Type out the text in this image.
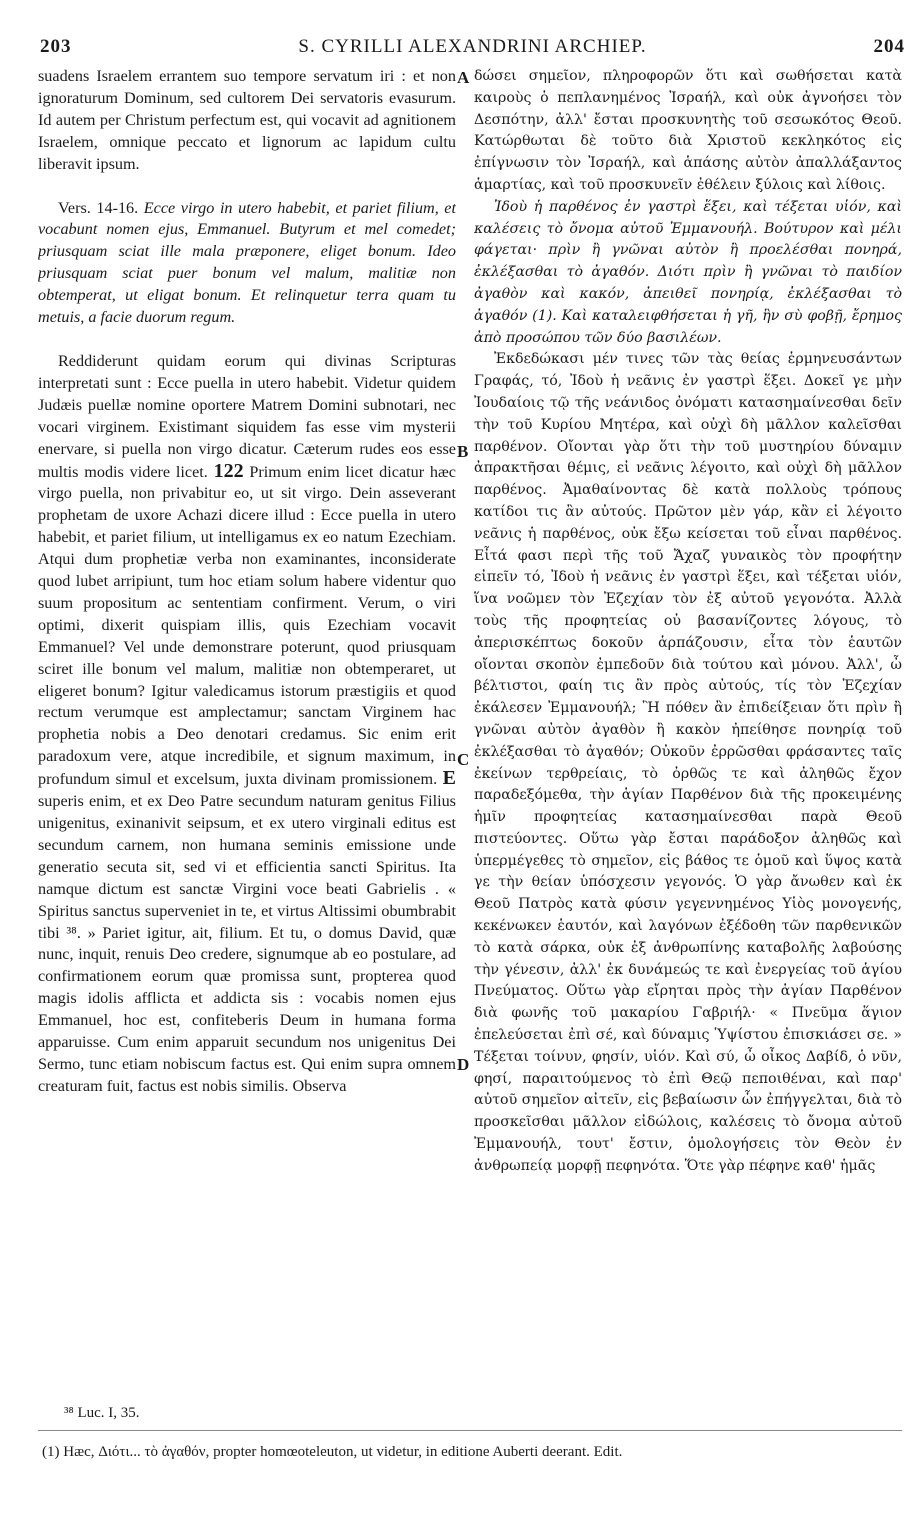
203	S. CYRILLI ALEXANDRINI ARCHIEP.	204

suadens Israelem errantem suo tempore servatum iri : et non ignoraturum Dominum, sed cultorem Dei servatoris evasurum. Id autem per Christum perfectum est, qui vocavit ad agnitionem Israelem, omnique peccato et lignorum ac lapidum cultu liberavit ipsum.

Vers. 14-16. Ecce virgo in utero habebit, et pariet filium, et vocabunt nomen ejus, Emmanuel. Butyrum et mel comedet; priusquam sciat ille mala præponere, eliget bonum. Ideo priusquam sciat puer bonum vel malum, malitiæ non obtemperat, ut eligat bonum. Et relinquetur terra quam tu metuis, a facie duorum regum.

Reddiderunt quidam eorum qui divinas Scripturas interpretati sunt : Ecce puella in utero habebit. Videtur quidem Judæis puellæ nomine oportere Matrem Domini subnotari, nec vocari virginem. Existimant siquidem fas esse vim mysterii enervare, si puella non virgo dicatur. Cæterum rudes eos esse multis modis videre licet. 122 Primum enim licet dicatur hæc virgo puella, non privabitur eo, ut sit virgo. Dein asseverant prophetam de uxore Achazi dicere illud : Ecce puella in utero habebit, et pariet filium, ut intelligamus ex eo natum Ezechiam. Atqui dum prophetiæ verba non examinantes, inconsiderate quod lubet arripiunt, tum hoc etiam solum habere videntur quo suum propositum ac sententiam confirment. Verum, o viri optimi, dixerit quispiam illis, quis Ezechiam vocavit Emmanuel? Vel unde demonstrare poterunt, quod priusquam sciret ille bonum vel malum, malitiæ non obtemperaret, ut eligeret bonum? Igitur valedicamus istorum præstigiis et quod rectum verumque est amplectamur; sanctam Virginem hac prophetia nobis a Deo denotari credamus. Sic enim erit paradoxum vere, atque incredibile, et signum maximum, in profundum simul et excelsum, juxta divinam promissionem. E superis enim, et ex Deo Patre secundum naturam genitus Filius unigenitus, exinanivit seipsum, et ex utero virginali editus est secundum carnem, non humana seminis emissione unde generatio secuta sit, sed vi et efficientia sancti Spiritus. Ita namque dictum est sanctæ Virgini voce beati Gabrielis . « Spiritus sanctus superveniet in te, et virtus Altissimi obumbrabit tibi ³⁸. » Pariet igitur, ait, filium. Et tu, o domus David, quæ nunc, inquit, renuis Deo credere, signumque ab eo postulare, ad confirmationem eorum quæ promissa sunt, propterea quod magis idolis afflicta et addicta sis : vocabis nomen ejus Emmanuel, hoc est, confiteberis Deum in humana forma apparuisse. Cum enim apparuit secundum nos unigenitus Dei Sermo, tunc etiam nobiscum factus est. Qui enim supra omnem creaturam fuit, factus est nobis similis. Observa

A
B
C
D

δώσει σημεῖον, πληροφορῶν ὅτι καὶ σωθήσεται κατὰ καιροὺς ὁ πεπλανημένος Ἰσραήλ, καὶ οὐκ ἀγνοήσει τὸν Δεσπότην, ἀλλ' ἔσται προσκυνητὴς τοῦ σεσωκότος Θεοῦ. Κατώρθωται δὲ τοῦτο διὰ Χριστοῦ κεκληκότος εἰς ἐπίγνωσιν τὸν Ἰσραήλ, καὶ ἁπάσης αὐτὸν ἀπαλλάξαντος ἁμαρτίας, καὶ τοῦ προσκυνεῖν ἐθέλειν ξύλοις καὶ λίθοις.

Ἰδοὺ ἡ παρθένος ἐν γαστρὶ ἕξει, καὶ τέξεται υἱόν, καὶ καλέσεις τὸ ὄνομα αὐτοῦ Ἐμμανουήλ. Βούτυρον καὶ μέλι φάγεται· πρὶν ἢ γνῶναι αὐτὸν ἢ προελέσθαι πονηρά, ἐκλέξασθαι τὸ ἀγαθόν. Διότι πρὶν ἢ γνῶναι τὸ παιδίον ἀγαθὸν καὶ κακόν, ἀπειθεῖ πονηρίᾳ, ἐκλέξασθαι τὸ ἀγαθόν (1). Καὶ καταλειφθήσεται ἡ γῆ, ἣν σὺ φοβῇ, ἔρημος ἀπὸ προσώπου τῶν δύο βασιλέων.

Ἐκδεδώκασι μέν τινες τῶν τὰς θείας ἑρμηνευσάντων Γραφάς, τό, Ἰδοὺ ἡ νεᾶνις ἐν γαστρὶ ἕξει. Δοκεῖ γε μὴν Ἰουδαίοις τῷ τῆς νεάνιδος ὀνόματι κατασημαίνεσθαι δεῖν τὴν τοῦ Κυρίου Μητέρα, καὶ οὐχὶ δὴ μᾶλλον καλεῖσθαι παρθένον. Οἴονται γὰρ ὅτι τὴν τοῦ μυστηρίου δύναμιν ἀπρακτῆσαι θέμις, εἰ νεᾶνις λέγοιτο, καὶ οὐχὶ δὴ μᾶλλον παρθένος. Ἀμαθαίνοντας δὲ κατὰ πολλοὺς τρόπους κατίδοι τις ἂν αὐτούς. Πρῶτον μὲν γάρ, κἂν εἰ λέγοιτο νεᾶνις ἡ παρθένος, οὐκ ἔξω κείσεται τοῦ εἶναι παρθένος. Εἶτά φασι περὶ τῆς τοῦ Ἄχαζ γυναικὸς τὸν προφήτην εἰπεῖν τό, Ἰδοὺ ἡ νεᾶνις ἐν γαστρὶ ἕξει, καὶ τέξεται υἱόν, ἵνα νοῶμεν τὸν Ἐζεχίαν τὸν ἐξ αὐτοῦ γεγονότα. Ἀλλὰ τοὺς τῆς προφητείας οὐ βασανίζοντες λόγους, τὸ ἀπερισκέπτως δοκοῦν ἁρπάζουσιν, εἶτα τὸν ἑαυτῶν οἴονται σκοπὸν ἐμπεδοῦν διὰ τούτου καὶ μόνου. Ἀλλ', ὦ βέλτιστοι, φαίη τις ἂν πρὸς αὐτούς, τίς τὸν Ἐζεχίαν ἐκάλεσεν Ἐμμανουήλ; Ἢ πόθεν ἂν ἐπιδείξειαν ὅτι πρὶν ἢ γνῶναι αὐτὸν ἀγαθὸν ἢ κακὸν ἠπείθησε πονηρίᾳ τοῦ ἐκλέξασθαι τὸ ἀγαθόν; Οὐκοῦν ἐρρῶσθαι φράσαντες ταῖς ἐκείνων τερθρείαις, τὸ ὀρθῶς τε καὶ ἀληθῶς ἔχον παραδεξόμεθα, τὴν ἁγίαν Παρθένον διὰ τῆς προκειμένης ἡμῖν προφητείας κατασημαίνεσθαι παρὰ Θεοῦ πιστεύοντες. Οὕτω γὰρ ἔσται παράδοξον ἀληθῶς καὶ ὑπερμέγεθες τὸ σημεῖον, εἰς βάθος τε ὁμοῦ καὶ ὕψος κατὰ γε τὴν θείαν ὑπόσχεσιν γεγονός. Ὁ γὰρ ἄνωθεν καὶ ἐκ Θεοῦ Πατρὸς κατὰ φύσιν γεγεννημένος Υἱὸς μονογενής, κεκένωκεν ἑαυτόν, καὶ λαγόνων ἐξέδοθη τῶν παρθενικῶν τὸ κατὰ σάρκα, οὐκ ἐξ ἀνθρωπίνης καταβολῆς λαβούσης τὴν γένεσιν, ἀλλ' ἐκ δυνάμεώς τε καὶ ἐνεργείας τοῦ ἁγίου Πνεύματος. Οὕτω γὰρ εἴρηται πρὸς τὴν ἁγίαν Παρθένον διὰ φωνῆς τοῦ μακαρίου Γαβριήλ· « Πνεῦμα ἅγιον ἐπελεύσεται ἐπὶ σέ, καὶ δύναμις Ὑψίστου ἐπισκιάσει σε. » Τέξεται τοίνυν, φησίν, υἱόν. Καὶ σύ, ὦ οἶκος Δαβίδ, ὁ νῦν, φησί, παραιτούμενος τὸ ἐπὶ Θεῷ πεποιθέναι, καὶ παρ' αὐτοῦ σημεῖον αἰτεῖν, εἰς βεβαίωσιν ὧν ἐπήγγελται, διὰ τὸ προσκεῖσθαι μᾶλλον εἰδώλοις, καλέσεις τὸ ὄνομα αὐτοῦ Ἐμμανουήλ, τουτ' ἔστιν, ὁμολογήσεις τὸν Θεὸν ἐν ἀνθρωπείᾳ μορφῇ πεφηνότα. Ὅτε γὰρ πέφηνε καθ' ἡμᾶς

³⁸ Luc. I, 35.
(1) Hæc, Διότι... τὸ ἀγαθόν, propter homœoteleuton, ut videtur, in editione Auberti deerant. Edit.
